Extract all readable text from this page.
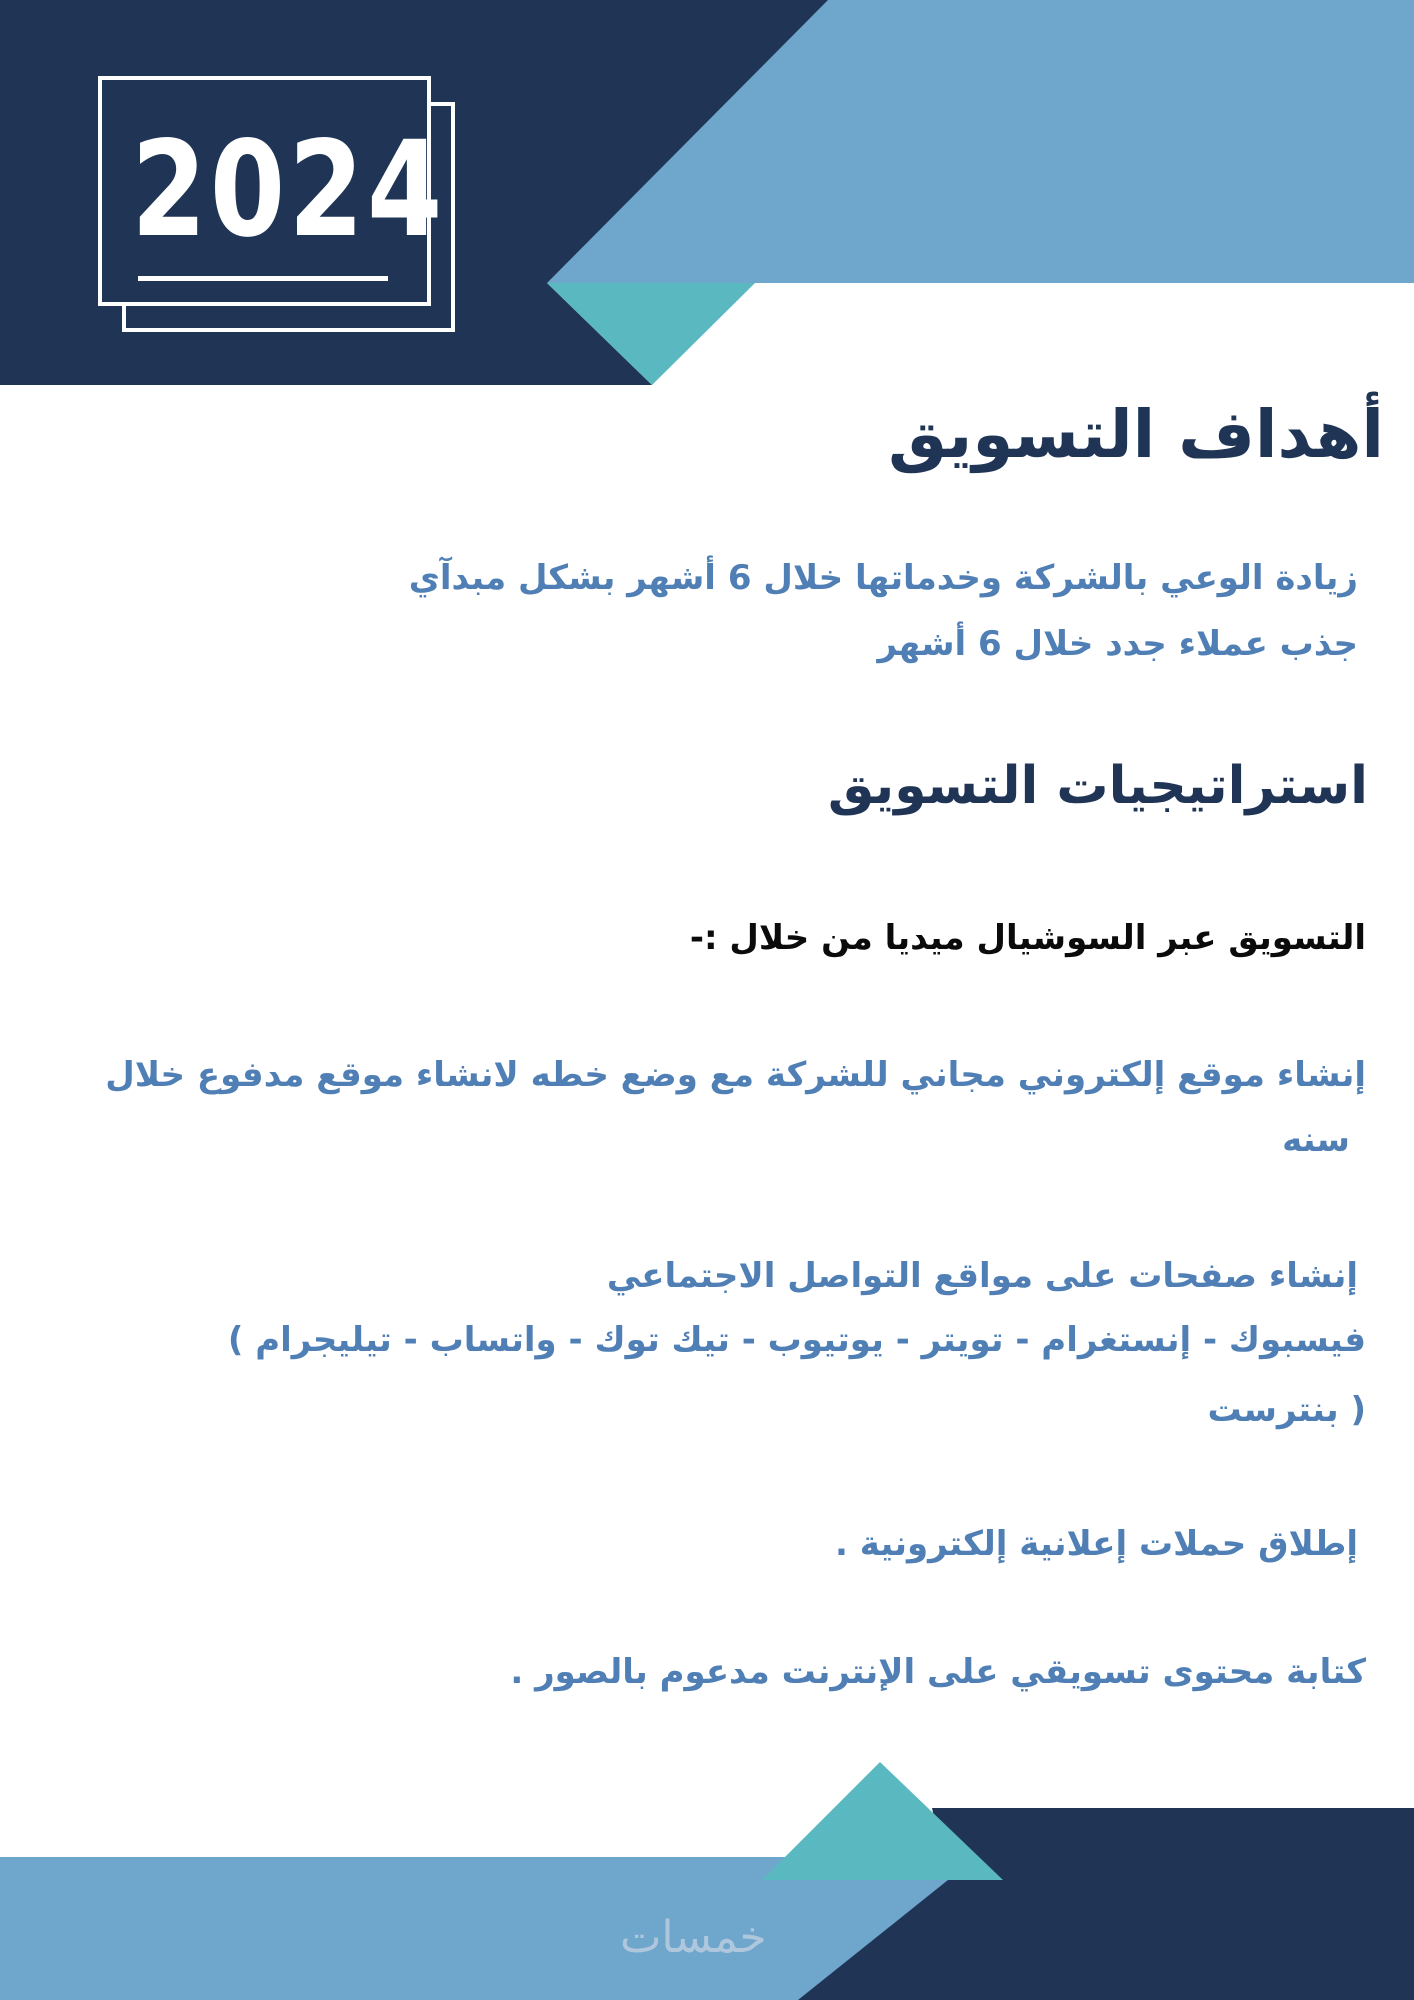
2024
أهداف التسويق
زيادة الوعي بالشركة وخدماتها خلال 6 أشهر بشكل مبدآي
جذب عملاء جدد خلال 6 أشهر
استراتيجيات التسويق
التسويق عبر السوشيال ميديا من خلال :-
إنشاء موقع إلكتروني مجاني للشركة مع وضع خطه لانشاء موقع مدفوع خلال
سنه
إنشاء صفحات على مواقع التواصل الاجتماعي
فيسبوك - إنستغرام - تويتر - يوتيوب - تيك توك - واتساب - تيليجرام )
( بنترست
إطلاق حملات إعلانية إلكترونية .
كتابة محتوى تسويقي على الإنترنت مدعوم بالصور .
خمسات
